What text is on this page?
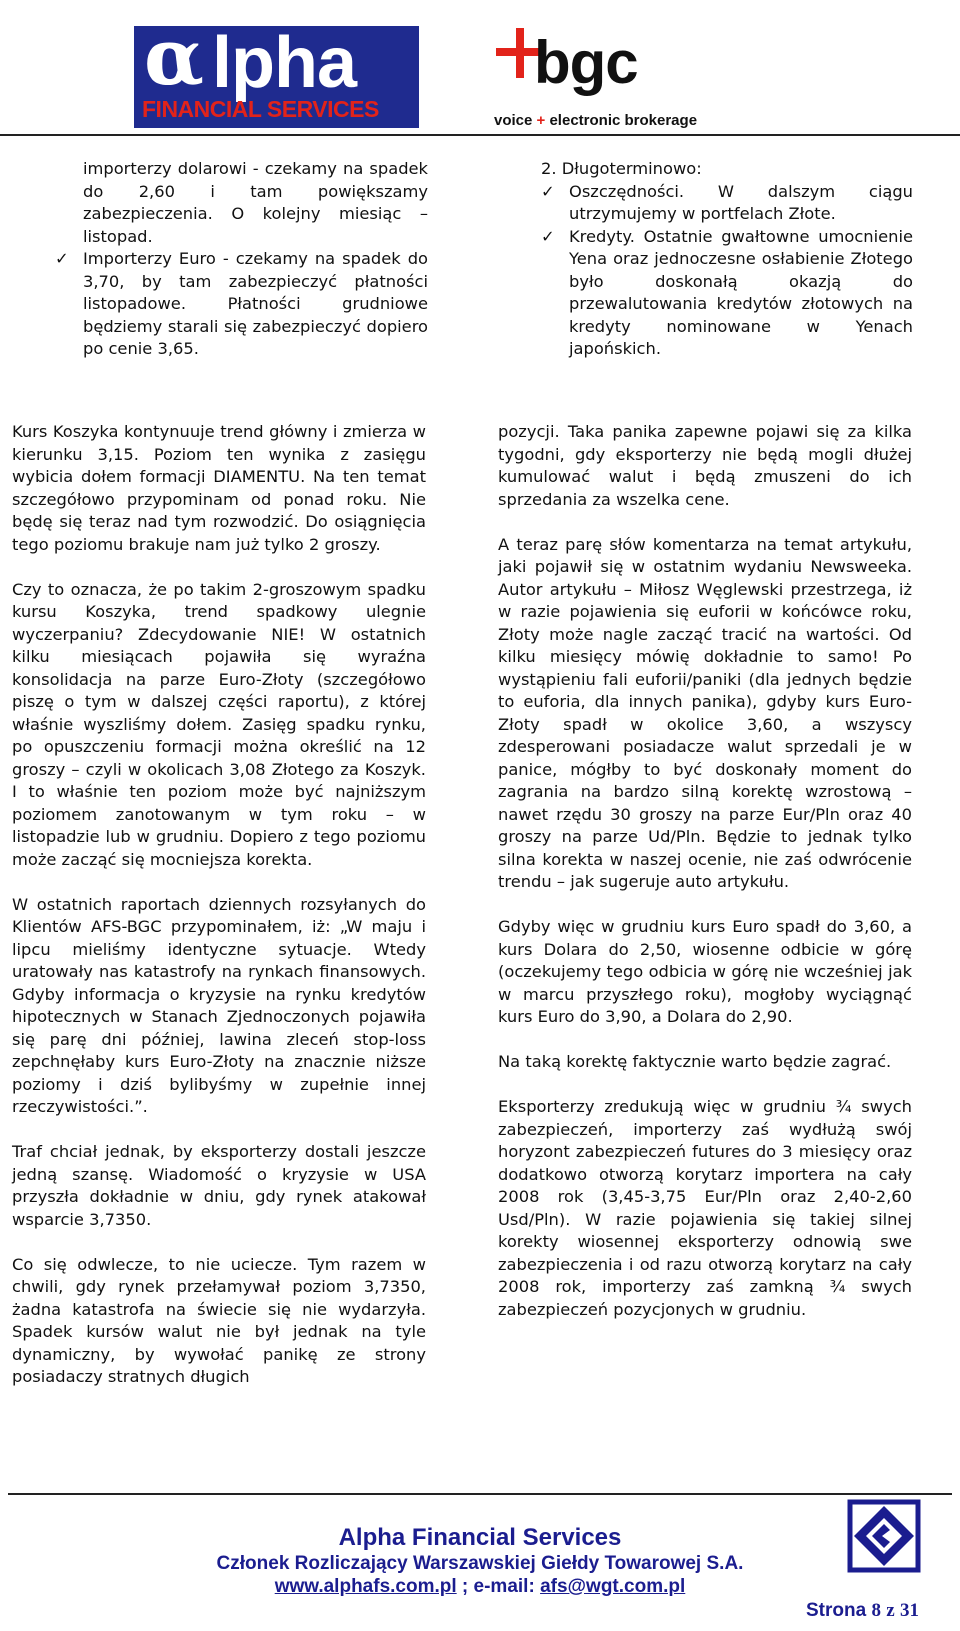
α lpha
FINANCIAL SERVICES
bgc
voice + electronic brokerage

importerzy dolarowi - czekamy na spadek do 2,60 i tam powiększamy zabezpieczenia. O kolejny miesiąc – listopad.

✓ Importerzy Euro - czekamy na spadek do 3,70, by tam zabezpieczyć płatności listopadowe. Płatności grudniowe będziemy starali się zabezpieczyć dopiero po cenie 3,65.

2. Długoterminowo:

✓ Oszczędności. W dalszym ciągu utrzymujemy w portfelach Złote.
✓ Kredyty. Ostatnie gwałtowne umocnienie Yena oraz jednoczesne osłabienie Złotego było doskonałą okazją do przewalutowania kredytów złotowych na kredyty nominowane w Yenach japońskich.

Kurs Koszyka kontynuuje trend główny i zmierza w kierunku 3,15. Poziom ten wynika z zasięgu wybicia dołem formacji DIAMENTU. Na ten temat szczegółowo przypominam od ponad roku. Nie będę się teraz nad tym rozwodzić. Do osiągnięcia tego poziomu brakuje nam już tylko 2 groszy.

Czy to oznacza, że po takim 2-groszowym spadku kursu Koszyka, trend spadkowy ulegnie wyczerpaniu? Zdecydowanie NIE! W ostatnich kilku miesiącach pojawiła się wyraźna konsolidacja na parze Euro-Złoty (szczegółowo piszę o tym w dalszej części raportu), z której właśnie wyszliśmy dołem. Zasięg spadku rynku, po opuszczeniu formacji można określić na 12 groszy – czyli w okolicach 3,08 Złotego za Koszyk. I to właśnie ten poziom może być najniższym poziomem zanotowanym w tym roku – w listopadzie lub w grudniu. Dopiero z tego poziomu może zacząć się mocniejsza korekta.

W ostatnich raportach dziennych rozsyłanych do Klientów AFS-BGC przypominałem, iż: „W maju i lipcu mieliśmy identyczne sytuacje. Wtedy uratowały nas katastrofy na rynkach finansowych. Gdyby informacja o kryzysie na rynku kredytów hipotecznych w Stanach Zjednoczonych pojawiła się parę dni później, lawina zleceń stop-loss zepchnęłaby kurs Euro-Złoty na znacznie niższe poziomy i dziś bylibyśmy w zupełnie innej rzeczywistości.”.

Traf chciał jednak, by eksporterzy dostali jeszcze jedną szansę. Wiadomość o kryzysie w USA przyszła dokładnie w dniu, gdy rynek atakował wsparcie 3,7350.

Co się odwlecze, to nie uciecze. Tym razem w chwili, gdy rynek przełamywał poziom 3,7350, żadna katastrofa na świecie się nie wydarzyła. Spadek kursów walut nie był jednak na tyle dynamiczny, by wywołać panikę ze strony posiadaczy stratnych długich

pozycji. Taka panika zapewne pojawi się za kilka tygodni, gdy eksporterzy nie będą mogli dłużej kumulować walut i będą zmuszeni do ich sprzedania za wszelka cene.

A teraz parę słów komentarza na temat artykułu, jaki pojawił się w ostatnim wydaniu Newsweeka. Autor artykułu – Miłosz Węglewski przestrzega, iż w razie pojawienia się euforii w końcówce roku, Złoty może nagle zacząć tracić na wartości. Od kilku miesięcy mówię dokładnie to samo! Po wystąpieniu fali euforii/paniki (dla jednych będzie to euforia, dla innych panika), gdyby kurs Euro-Złoty spadł w okolice 3,60, a wszyscy zdesperowani posiadacze walut sprzedali je w panice, mógłby to być doskonały moment do zagrania na bardzo silną korektę wzrostową – nawet rzędu 30 groszy na parze Eur/Pln oraz 40 groszy na parze Ud/Pln. Będzie to jednak tylko silna korekta w naszej ocenie, nie zaś odwrócenie trendu – jak sugeruje auto artykułu.

Gdyby więc w grudniu kurs Euro spadł do 3,60, a kurs Dolara do 2,50, wiosenne odbicie w górę (oczekujemy tego odbicia w górę nie wcześniej jak w marcu przyszłego roku), mogłoby wyciągnąć kurs Euro do 3,90, a Dolara do 2,90.

Na taką korektę faktycznie warto będzie zagrać.

Eksporterzy zredukują więc w grudniu ¾ swych zabezpieczeń, importerzy zaś wydłużą swój horyzont zabezpieczeń futures do 3 miesięcy oraz dodatkowo otworzą korytarz importera na cały 2008 rok (3,45-3,75 Eur/Pln oraz 2,40-2,60 Usd/Pln). W razie pojawienia się takiej silnej korekty wiosennej eksporterzy odnowią swe zabezpieczenia i od razu otworzą korytarz na cały 2008 rok, importerzy zaś zamkną ¾ swych zabezpieczeń pozycjonych w grudniu.

Alpha Financial Services
Członek Rozliczający Warszawskiej Giełdy Towarowej S.A.
www.alphafs.com.pl ; e-mail: afs@wgt.com.pl
Strona 8 z 31
